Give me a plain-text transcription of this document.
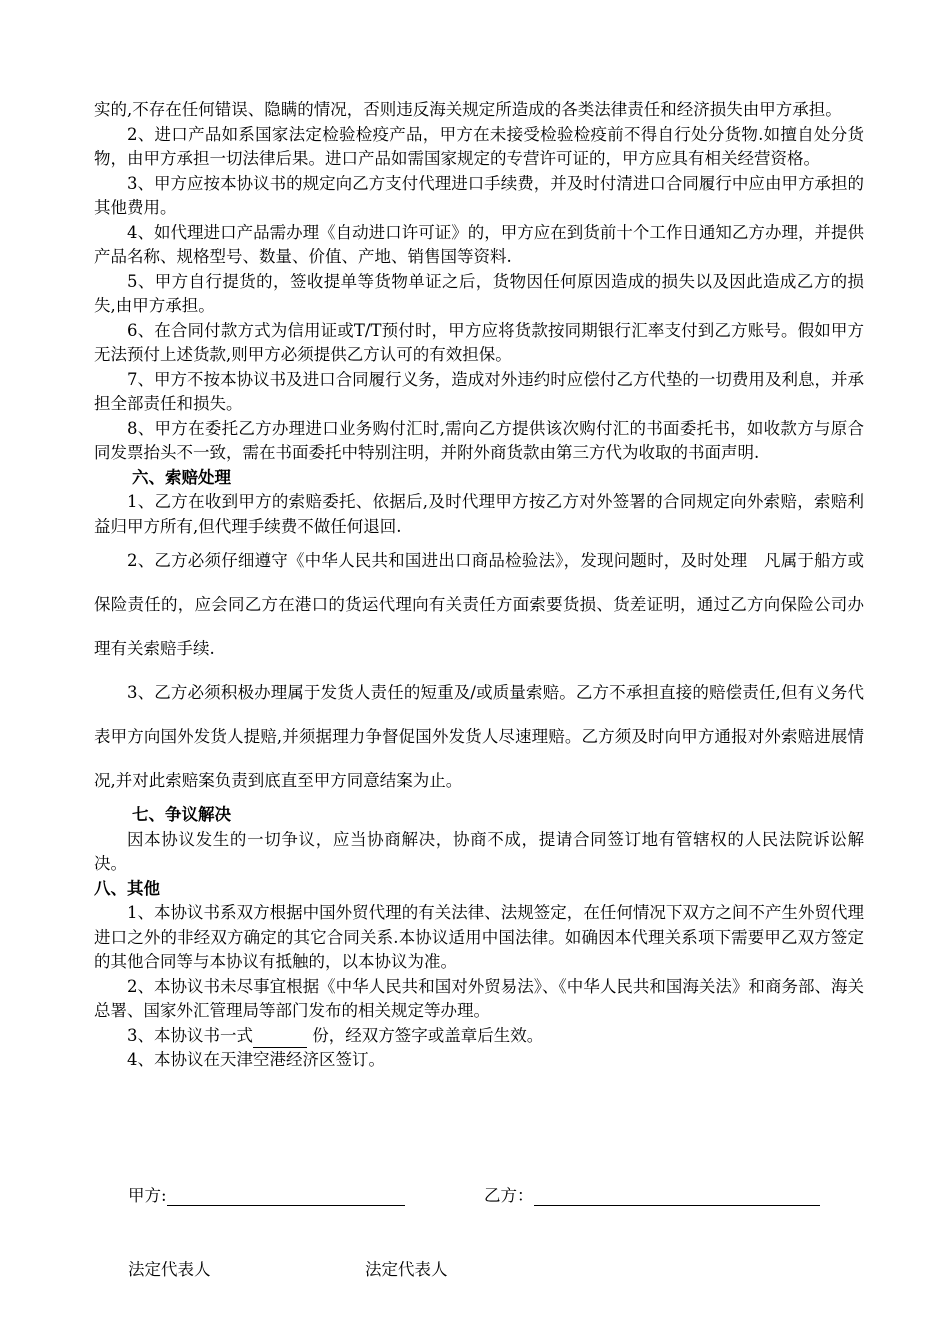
实的,不存在任何错误、隐瞒的情况，否则违反海关规定所造成的各类法律责任和经济损失由甲方承担。

2、进口产品如系国家法定检验检疫产品，甲方在未接受检验检疫前不得自行处分货物.如擅自处分货物，由甲方承担一切法律后果。进口产品如需国家规定的专营许可证的，甲方应具有相关经营资格。

3、甲方应按本协议书的规定向乙方支付代理进口手续费，并及时付清进口合同履行中应由甲方承担的其他费用。

4、如代理进口产品需办理《自动进口许可证》的，甲方应在到货前十个工作日通知乙方办理，并提供产品名称、规格型号、数量、价值、产地、销售国等资料.

5、甲方自行提货的，签收提单等货物单证之后，货物因任何原因造成的损失以及因此造成乙方的损失,由甲方承担。

6、在合同付款方式为信用证或T/T预付时，甲方应将货款按同期银行汇率支付到乙方账号。假如甲方无法预付上述货款,则甲方必须提供乙方认可的有效担保。

7、甲方不按本协议书及进口合同履行义务，造成对外违约时应偿付乙方代垫的一切费用及利息，并承担全部责任和损失。

8、甲方在委托乙方办理进口业务购付汇时,需向乙方提供该次购付汇的书面委托书，如收款方与原合同发票抬头不一致，需在书面委托中特别注明，并附外商货款由第三方代为收取的书面声明.

六、索赔处理

1、乙方在收到甲方的索赔委托、依据后,及时代理甲方按乙方对外签署的合同规定向外索赔，索赔利益归甲方所有,但代理手续费不做任何退回.

2、乙方必须仔细遵守《中华人民共和国进出口商品检验法》，发现问题时，及时处理　凡属于船方或保险责任的，应会同乙方在港口的货运代理向有关责任方面索要货损、货差证明，通过乙方向保险公司办理有关索赔手续.

3、乙方必须积极办理属于发货人责任的短重及/或质量索赔。乙方不承担直接的赔偿责任,但有义务代表甲方向国外发货人提赔,并须据理力争督促国外发货人尽速理赔。乙方须及时向甲方通报对外索赔进展情况,并对此索赔案负责到底直至甲方同意结案为止。

七、争议解决

因本协议发生的一切争议，应当协商解决，协商不成，提请合同签订地有管辖权的人民法院诉讼解决。

八、其他

1、本协议书系双方根据中国外贸代理的有关法律、法规签定，在任何情况下双方之间不产生外贸代理进口之外的非经双方确定的其它合同关系.本协议适用中国法律。如确因本代理关系项下需要甲乙双方签定的其他合同等与本协议有抵触的，以本协议为准。

2、本协议书未尽事宜根据《中华人民共和国对外贸易法》、《中华人民共和国海关法》和商务部、海关总署、国家外汇管理局等部门发布的相关规定等办理。

3、本协议书一式	份，经双方签字或盖章后生效。

4、本协议在天津空港经济区签订。

甲方:	乙方：
法定代表人	法定代表人
